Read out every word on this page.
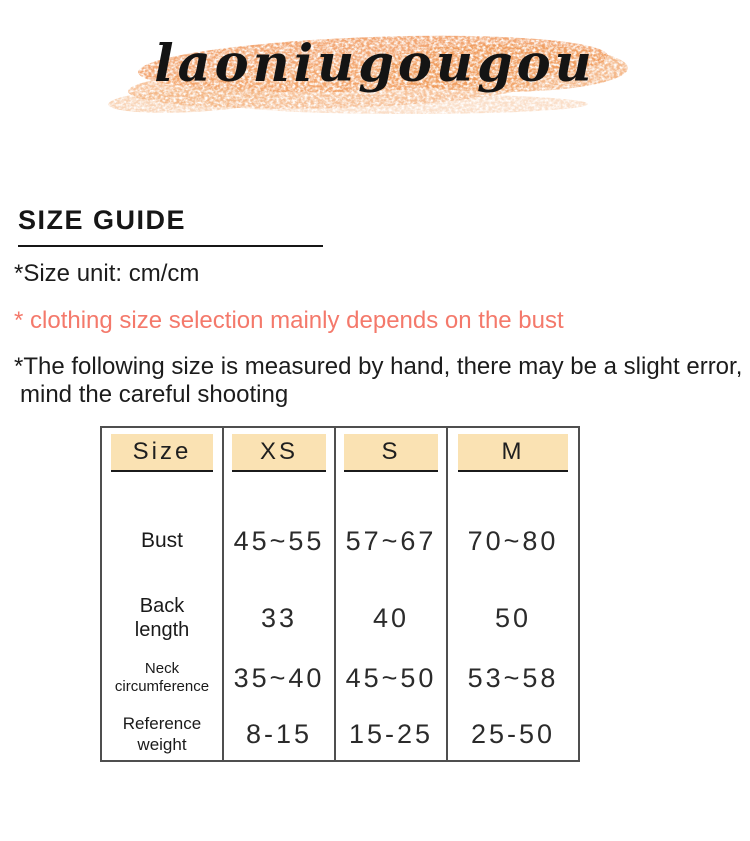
laoniugougou
SIZE GUIDE
*Size unit: cm/cm
* clothing size selection mainly depends on the bust
*The following size is measured by hand, there may be a slight error,
mind the careful shooting
Size	XS	S	M

Bust	45~55	57~67	70~80
Back length	33	40	50
Neck circumference	35~40	45~50	53~58
Reference weight	8-15	15-25	25-50
